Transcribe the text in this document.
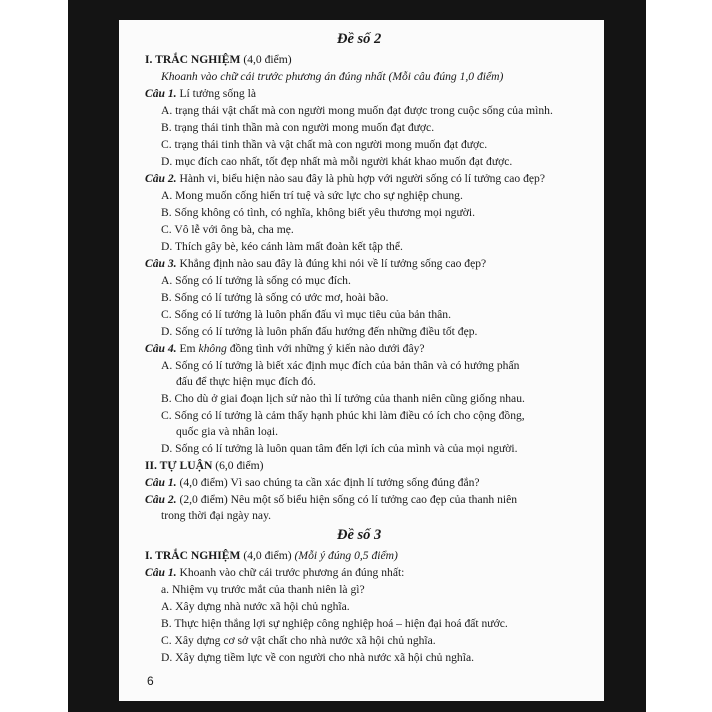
Đề số 2
I. TRẮC NGHIỆM (4,0 điểm)
Khoanh vào chữ cái trước phương án đúng nhất (Mỗi câu đúng 1,0 điểm)
Câu 1. Lí tưởng sống là
A. trạng thái vật chất mà con người mong muốn đạt được trong cuộc sống của mình.
B. trạng thái tinh thần mà con người mong muốn đạt được.
C. trạng thái tinh thần và vật chất mà con người mong muốn đạt được.
D. mục đích cao nhất, tốt đẹp nhất mà mỗi người khát khao muốn đạt được.
Câu 2. Hành vi, biểu hiện nào sau đây là phù hợp với người sống có lí tưởng cao đẹp?
A. Mong muốn cống hiến trí tuệ và sức lực cho sự nghiệp chung.
B. Sống không có tình, có nghĩa, không biết yêu thương mọi người.
C. Vô lễ với ông bà, cha mẹ.
D. Thích gây bè, kéo cánh làm mất đoàn kết tập thể.
Câu 3. Khẳng định nào sau đây là đúng khi nói về lí tưởng sống cao đẹp?
A. Sống có lí tưởng là sống có mục đích.
B. Sống có lí tưởng là sống có ước mơ, hoài bão.
C. Sống có lí tưởng là luôn phấn đấu vì mục tiêu của bản thân.
D. Sống có lí tưởng là luôn phấn đấu hướng đến những điều tốt đẹp.
Câu 4. Em không đồng tình với những ý kiến nào dưới đây?
A. Sống có lí tưởng là biết xác định mục đích của bản thân và có hướng phấn
đấu để thực hiện mục đích đó.
B. Cho dù ở giai đoạn lịch sử nào thì lí tưởng của thanh niên cũng giống nhau.
C. Sống có lí tưởng là cảm thấy hạnh phúc khi làm điều có ích cho cộng đồng,
quốc gia và nhân loại.
D. Sống có lí tưởng là luôn quan tâm đến lợi ích của mình và của mọi người.
II. TỰ LUẬN (6,0 điểm)
Câu 1. (4,0 điểm) Vì sao chúng ta cần xác định lí tưởng sống đúng đắn?
Câu 2. (2,0 điểm) Nêu một số biểu hiện sống có lí tưởng cao đẹp của thanh niên
trong thời đại ngày nay.
Đề số 3
I. TRẮC NGHIỆM (4,0 điểm) (Mỗi ý đúng 0,5 điểm)
Câu 1. Khoanh vào chữ cái trước phương án đúng nhất:
a. Nhiệm vụ trước mắt của thanh niên là gì?
A. Xây dựng nhà nước xã hội chủ nghĩa.
B. Thực hiện thắng lợi sự nghiệp công nghiệp hoá – hiện đại hoá đất nước.
C. Xây dựng cơ sở vật chất cho nhà nước xã hội chủ nghĩa.
D. Xây dựng tiềm lực về con người cho nhà nước xã hội chủ nghĩa.
6
